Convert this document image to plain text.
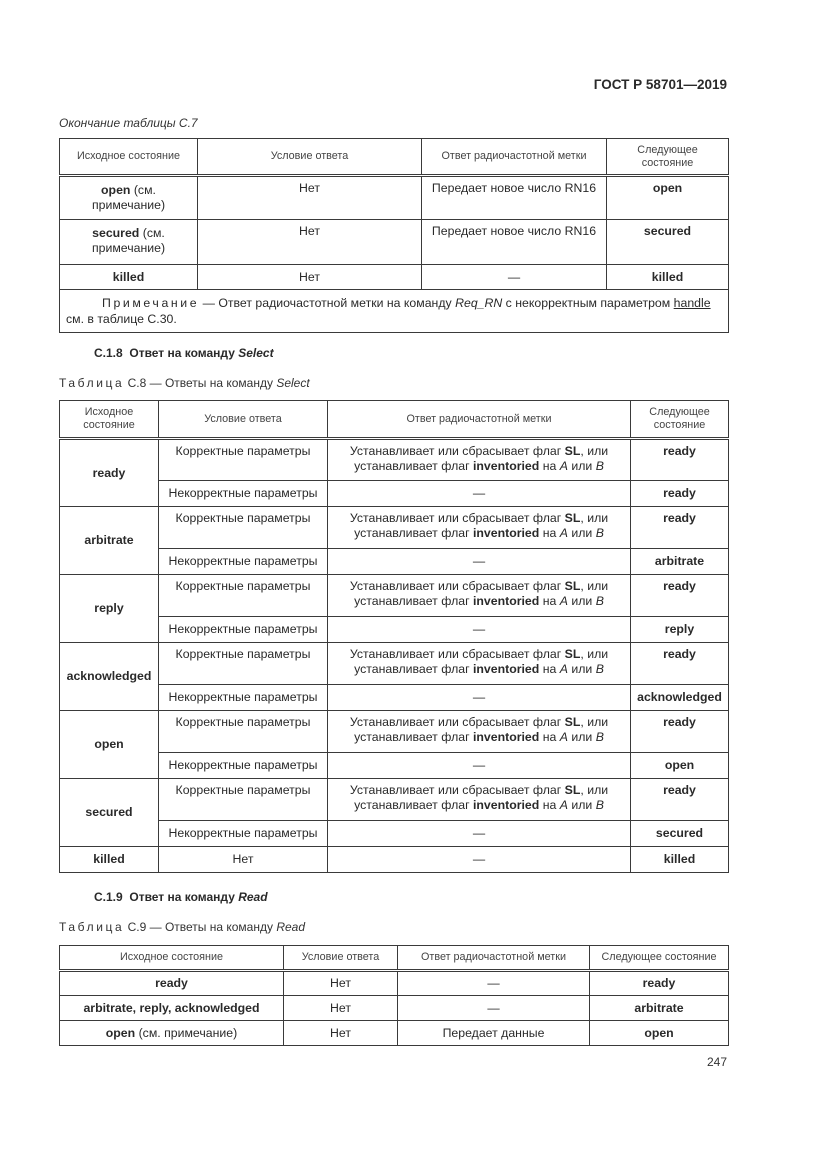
ГОСТ Р 58701—2019
Окончание таблицы С.7
Исходное состояние	Условие ответа	Ответ радиочастотной метки	Следующее состояние
open (см. примечание)	Нет	Передает новое число RN16	open
secured (см. примечание)	Нет	Передает новое число RN16	secured
killed	Нет	—	killed
Примечание — Ответ радиочастотной метки на команду Req_RN с некорректным параметром handle см. в таблице С.30.			
С.1.8 Ответ на команду Select
Таблица С.8 — Ответы на команду Select
Исходное состояние	Условие ответа	Ответ радиочастотной метки	Следующее состояние
ready	Корректные параметры	Устанавливает или сбрасывает флаг SL, или устанавливает флаг inventoried на A или B	ready
	Некорректные параметры	—	ready
arbitrate	Корректные параметры	Устанавливает или сбрасывает флаг SL, или устанавливает флаг inventoried на A или B	ready
	Некорректные параметры	—	arbitrate
reply	Корректные параметры	Устанавливает или сбрасывает флаг SL, или устанавливает флаг inventoried на A или B	ready
	Некорректные параметры	—	reply
acknowledged	Корректные параметры	Устанавливает или сбрасывает флаг SL, или устанавливает флаг inventoried на A или B	ready
	Некорректные параметры	—	acknowledged
open	Корректные параметры	Устанавливает или сбрасывает флаг SL, или устанавливает флаг inventoried на A или B	ready
	Некорректные параметры	—	open
secured	Корректные параметры	Устанавливает или сбрасывает флаг SL, или устанавливает флаг inventoried на A или B	ready
	Некорректные параметры	—	secured
killed	Нет	—	killed
С.1.9 Ответ на команду Read
Таблица С.9 — Ответы на команду Read
Исходное состояние	Условие ответа	Ответ радиочастотной метки	Следующее состояние
ready	Нет	—	ready
arbitrate, reply, acknowledged	Нет	—	arbitrate
open (см. примечание)	Нет	Передает данные	open
247
